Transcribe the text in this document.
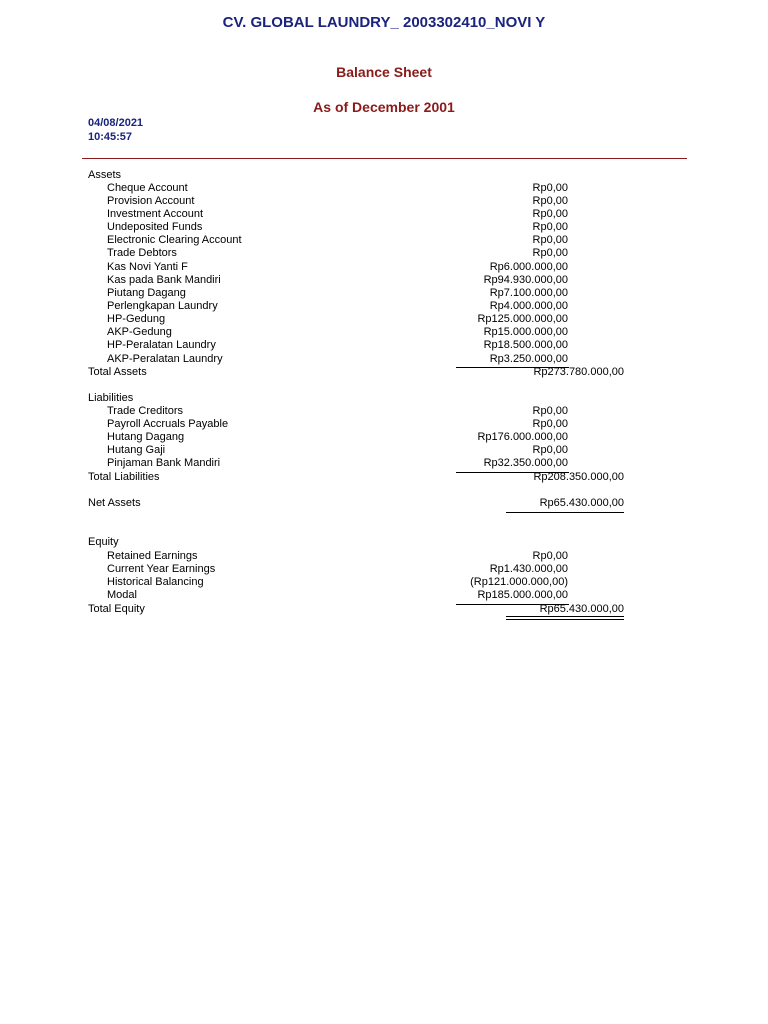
CV. GLOBAL LAUNDRY_ 2003302410_NOVI Y
Balance Sheet
As of December 2001
04/08/2021
10:45:57
Assets
Cheque Account	Rp0,00
Provision Account	Rp0,00
Investment Account	Rp0,00
Undeposited Funds	Rp0,00
Electronic Clearing Account	Rp0,00
Trade Debtors	Rp0,00
Kas Novi Yanti F	Rp6.000.000,00
Kas pada Bank Mandiri	Rp94.930.000,00
Piutang Dagang	Rp7.100.000,00
Perlengkapan Laundry	Rp4.000.000,00
HP-Gedung	Rp125.000.000,00
AKP-Gedung	Rp15.000.000,00
HP-Peralatan Laundry	Rp18.500.000,00
AKP-Peralatan Laundry	Rp3.250.000,00
Total Assets	Rp273.780.000,00
Liabilities
Trade Creditors	Rp0,00
Payroll Accruals Payable	Rp0,00
Hutang Dagang	Rp176.000.000,00
Hutang Gaji	Rp0,00
Pinjaman Bank Mandiri	Rp32.350.000,00
Total Liabilities	Rp208.350.000,00
Net Assets	Rp65.430.000,00
Equity
Retained Earnings	Rp0,00
Current Year Earnings	Rp1.430.000,00
Historical Balancing	(Rp121.000.000,00)
Modal	Rp185.000.000,00
Total Equity	Rp65.430.000,00
